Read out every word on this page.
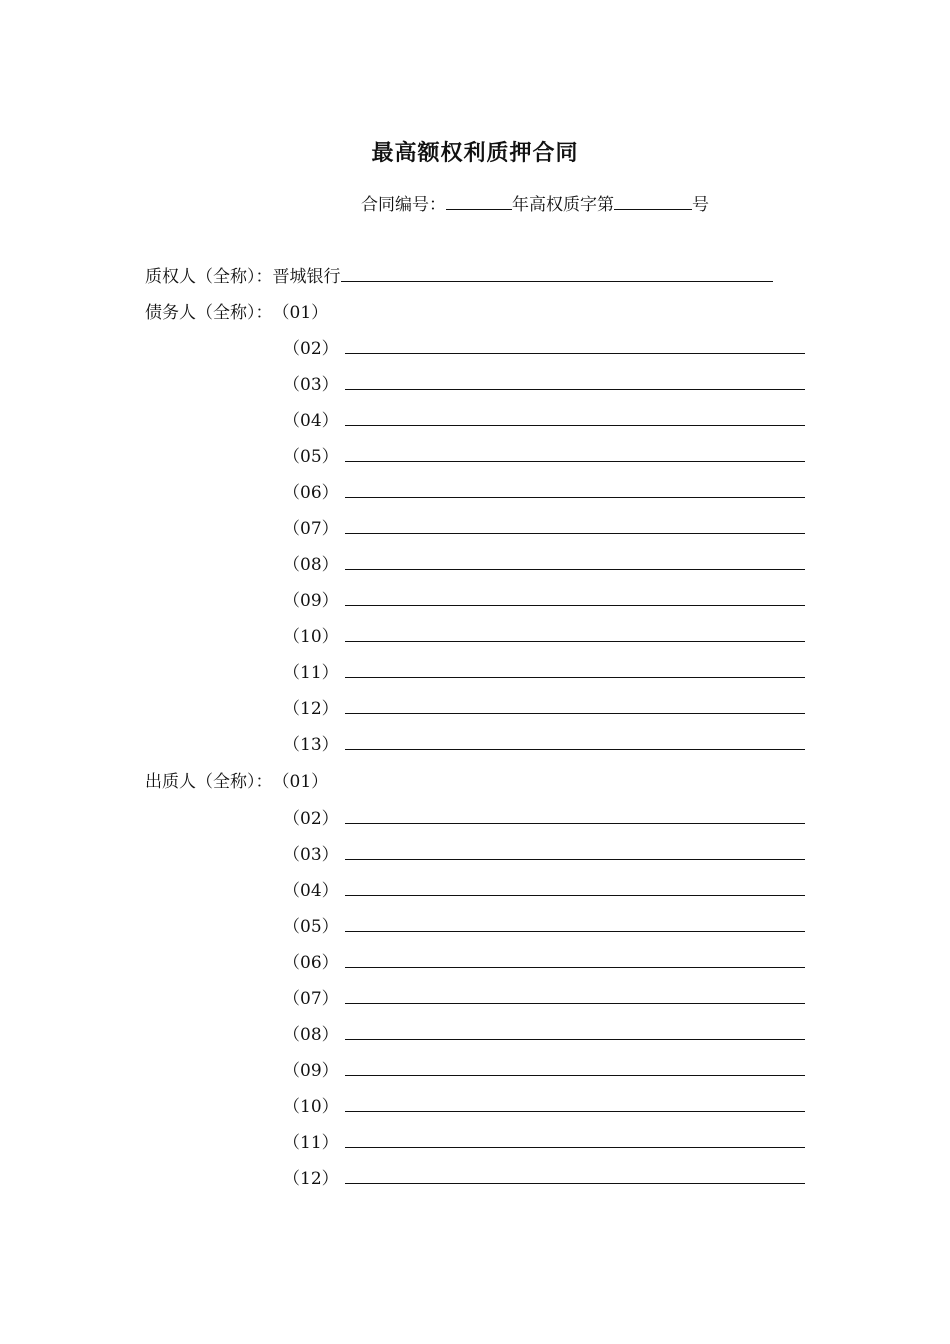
最高额权利质押合同
合同编号：	年高权质字第	号
质权人（全称）： 晋城银行
债务人（全称）： （01）
（02）
（03）
（04）
（05）
（06）
（07）
（08）
（09）
（10）
（11）
（12）
（13）
出质人（全称）： （01）
（02）
（03）
（04）
（05）
（06）
（07）
（08）
（09）
（10）
（11）
（12）
